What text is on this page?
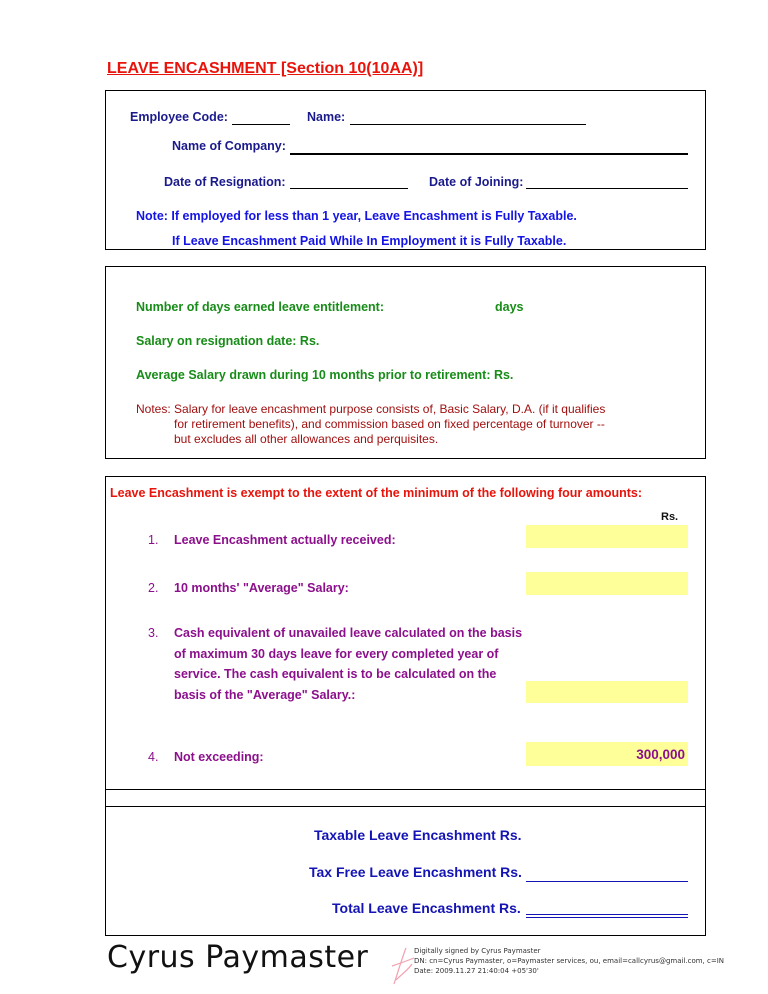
LEAVE ENCASHMENT [Section 10(10AA)]
Employee Code:	Name:
Name of Company:
Date of Resignation:	Date of Joining:
Note: If employed for less than 1 year, Leave Encashment is Fully Taxable.
If Leave Encashment Paid While In Employment it is Fully Taxable.
Number of days earned leave entitlement:	days
Salary on resignation date: Rs.
Average Salary drawn during 10 months prior to retirement: Rs.
Notes: Salary for leave encashment purpose consists of, Basic Salary, D.A. (if it qualifies
for retirement benefits), and commission based on fixed percentage of turnover --
but excludes all other allowances and perquisites.
Leave Encashment is exempt to the extent of the minimum of the following four amounts:
Rs.
1. Leave Encashment actually received:
2. 10 months' "Average" Salary:
3. Cash equivalent of unavailed leave calculated on the basis
of maximum 30 days leave for every completed year of
service. The cash equivalent is to be calculated on the
basis of the "Average" Salary.:
4. Not exceeding:	300,000
Taxable Leave Encashment Rs.
Tax Free Leave Encashment Rs.
Total Leave Encashment Rs.
Cyrus Paymaster	Digitally signed by Cyrus Paymaster
DN: cn=Cyrus Paymaster, o=Paymaster services, ou, email=callcyrus@gmail.com, c=IN
Date: 2009.11.27 21:40:04 +05'30'
